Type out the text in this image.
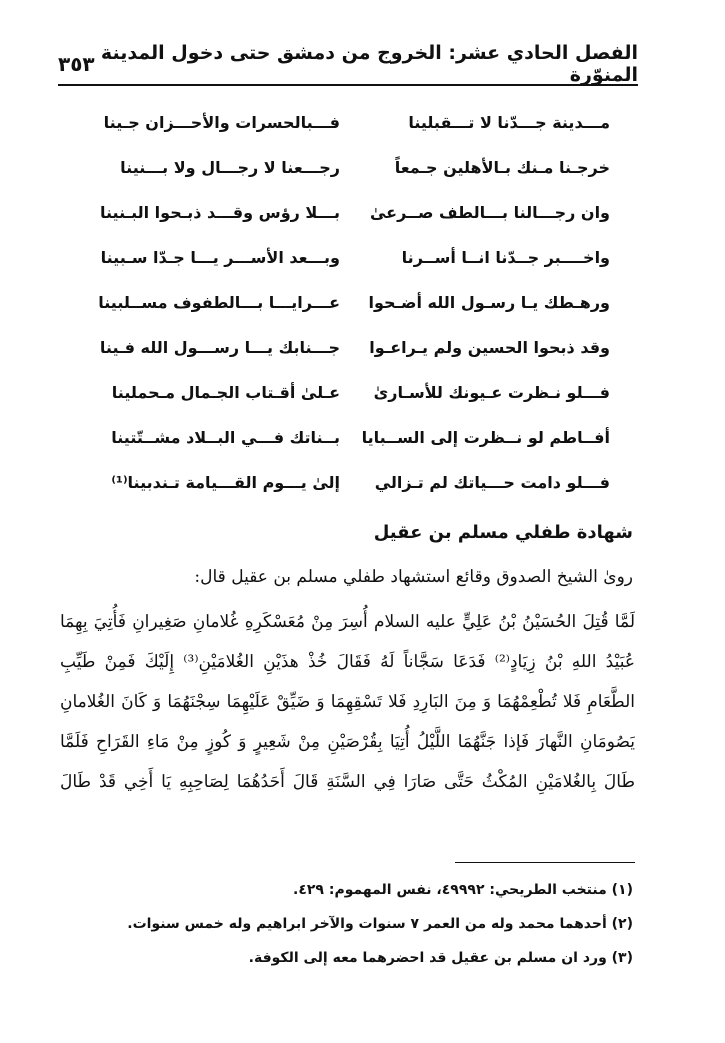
الفصل الحادي عشر: الخروج من دمشق حتى دخول المدينة المنوّرة
٣٥٣
مـــدينة جـــدّنا لا تـــقبلينا
فـــبالحسرات والأحـــزان جـينا
خرجـنا مـنك بـالأهلين جـمعاً
رجـــعنا لا رجـــال ولا بـــنينا
وان رجـــالنا بـــالطف صــرعىٰ
بـــلا رؤس وقـــد ذبـحوا البـنينا
واخــــبر جــدّنا انــا أســرنا
وبـــعد الأســـر يـــا جـدّا سـبينا
ورهـطك يـا رسـول الله أضـحوا
عـــرايـــا بـــالطفوف مســلبينا
وقد ذبحوا الحسين ولم يـراعـوا
جـــنابك يـــا رســـول الله فـينا
فـــلو نـظرت عـيونك للأسـارىٰ
عـلىٰ أقـتاب الجـمال مـحملينا
أفــاطم لو نــظرت إلى الســبايا
بــناتك فـــي البــلاد مشــتّتينا
فـــلو دامت حـــياتك لم تـزالي
إلىٰ يـــوم القـــيامة تـندبينا⁽¹⁾
شهادة طفلي مسلم بن عقيل
روىٰ الشيخ الصدوق وقائع استشهاد طفلي مسلم بن عقيل قال:
لَمَّا قُتِلَ الحُسَيْنُ بْنُ عَلِيٍّ عليه السلام أُسِرَ مِنْ مُعَسْكَرِهِ غُلامانِ صَغِيرانِ فَأُتِيَ بِهِمَا
عُبَيْدُ اللهِ بْنُ زِيَادٍ⁽²⁾ فَدَعَا سَجَّاناً لَهُ فَقَالَ خُذْ هذَيْنِ الغُلامَيْنِ⁽³⁾ إِلَيْكَ فَمِنْ طَيِّبِ
الطَّعَامِ فَلا تُطْعِمْهُمَا وَ مِنَ البَارِدِ فَلا تَسْقِهِمَا وَ ضَيِّقْ عَلَيْهِمَا سِجْنَهُمَا وَ كَانَ الغُلامانِ
يَصُومَانِ النَّهارَ فَإذا جَنَّهُمَا اللَّيْلُ أُتِيَا بِقُرْصَيْنِ مِنْ شَعِيرٍ وَ كُوزٍ مِنْ مَاءِ القَرَاحِ فَلَمَّا
طَالَ بِالغُلامَيْنِ المُكْثُ حَتَّى صَارَا فِي السَّنَةِ قَالَ أَحَدُهُمَا لِصَاحِبِهِ يَا أَخِي قَدْ طَالَ
(١) منتخب الطريحي: ٤٩٩٩٢، نفس المهموم: ٤٢٩.
(٢) أحدهما محمد وله من العمر ٧ سنوات والآخر ابراهيم وله خمس سنوات.
(٣) ورد ان مسلم بن عقيل قد احضرهما معه إلى الكوفة.
